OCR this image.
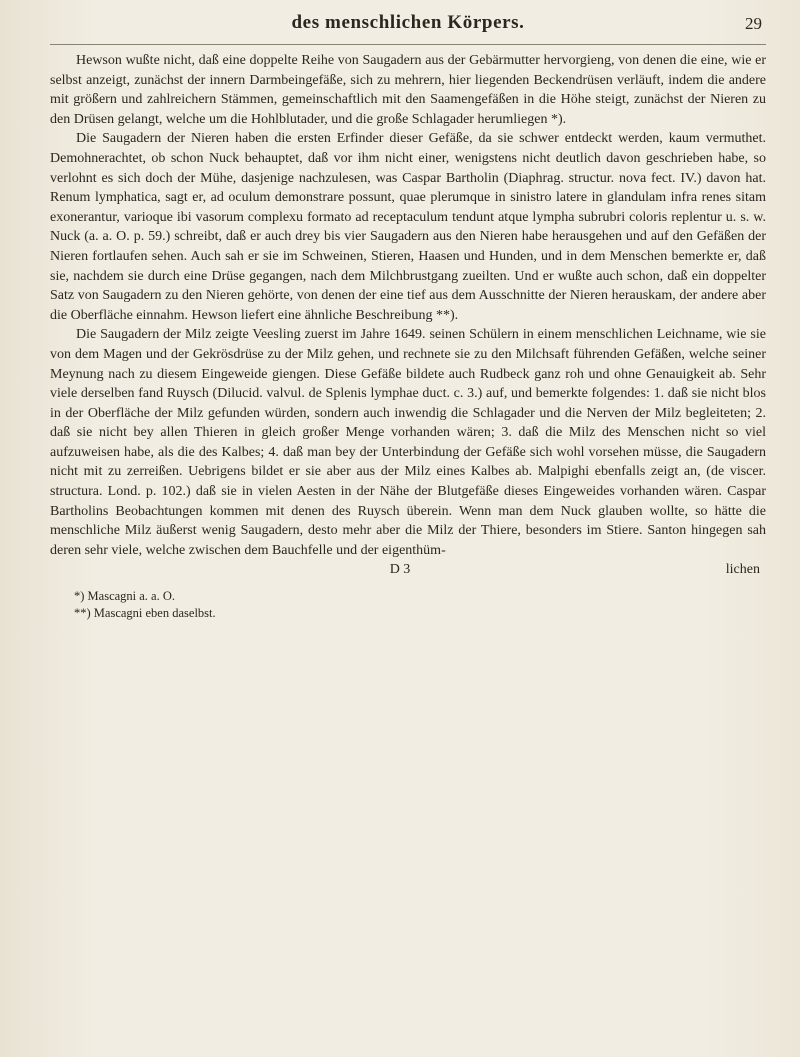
des menschlichen Körpers.	29

Hewson wußte nicht, daß eine doppelte Reihe von Saugadern aus der Gebärmutter hervorgieng, von denen die eine, wie er selbst anzeigt, zunächst der innern Darmbeingefäße, sich zu mehrern, hier liegenden Beckendrüsen verläuft, indem die andere mit größern und zahlreichern Stämmen, gemeinschaftlich mit den Saamengefäßen in die Höhe steigt, zunächst der Nieren zu den Drüsen gelangt, welche um die Hohlblutader, und die große Schlagader herumliegen *).

Die Saugadern der Nieren haben die ersten Erfinder dieser Gefäße, da sie schwer entdeckt werden, kaum vermuthet. Demohnerachtet, ob schon Nuck behauptet, daß vor ihm nicht einer, wenigstens nicht deutlich davon geschrieben habe, so verlohnt es sich doch der Mühe, dasjenige nachzulesen, was Caspar Bartholin (Diaphrag. structur. nova fect. IV.) davon hat. Renum lymphatica, sagt er, ad oculum demonstrare possunt, quae plerumque in sinistro latere in glandulam infra renes sitam exonerantur, varioque ibi vasorum complexu formato ad receptaculum tendunt atque lympha subrubri coloris replentur u. s. w. Nuck (a. a. O. p. 59.) schreibt, daß er auch drey bis vier Saugadern aus den Nieren habe herausgehen und auf den Gefäßen der Nieren fortlaufen sehen. Auch sah er sie im Schweinen, Stieren, Haasen und Hunden, und in dem Menschen bemerkte er, daß sie, nachdem sie durch eine Drüse gegangen, nach dem Milchbrustgang zueilten. Und er wußte auch schon, daß ein doppelter Satz von Saugadern zu den Nieren gehörte, von denen der eine tief aus dem Ausschnitte der Nieren herauskam, der andere aber die Oberfläche einnahm. Hewson liefert eine ähnliche Beschreibung **).

Die Saugadern der Milz zeigte Veesling zuerst im Jahre 1649. seinen Schülern in einem menschlichen Leichname, wie sie von dem Magen und der Gekrösdrüse zu der Milz gehen, und rechnete sie zu den Milchsaft führenden Gefäßen, welche seiner Meynung nach zu diesem Eingeweide giengen. Diese Gefäße bildete auch Rudbeck ganz roh und ohne Genauigkeit ab. Sehr viele derselben fand Ruysch (Dilucid. valvul. de Splenis lymphae duct. c. 3.) auf, und bemerkte folgendes: 1. daß sie nicht blos in der Oberfläche der Milz gefunden würden, sondern auch inwendig die Schlagader und die Nerven der Milz begleiteten; 2. daß sie nicht bey allen Thieren in gleich großer Menge vorhanden wären; 3. daß die Milz des Menschen nicht so viel aufzuweisen habe, als die des Kalbes; 4. daß man bey der Unterbindung der Gefäße sich wohl vorsehen müsse, die Saugadern nicht mit zu zerreißen. Uebrigens bildet er sie aber aus der Milz eines Kalbes ab. Malpighi ebenfalls zeigt an, (de viscer. structura. Lond. p. 102.) daß sie in vielen Aesten in der Nähe der Blutgefäße dieses Eingeweides vorhanden wären. Caspar Bartholins Beobachtungen kommen mit denen des Ruysch überein. Wenn man dem Nuck glauben wollte, so hätte die menschliche Milz äußerst wenig Saugadern, desto mehr aber die Milz der Thiere, besonders im Stiere. Santon hingegen sah deren sehr viele, welche zwischen dem Bauchfelle und der eigenthüm-

D 3	lichen
*) Mascagni a. a. O.
**) Mascagni eben daselbst.
